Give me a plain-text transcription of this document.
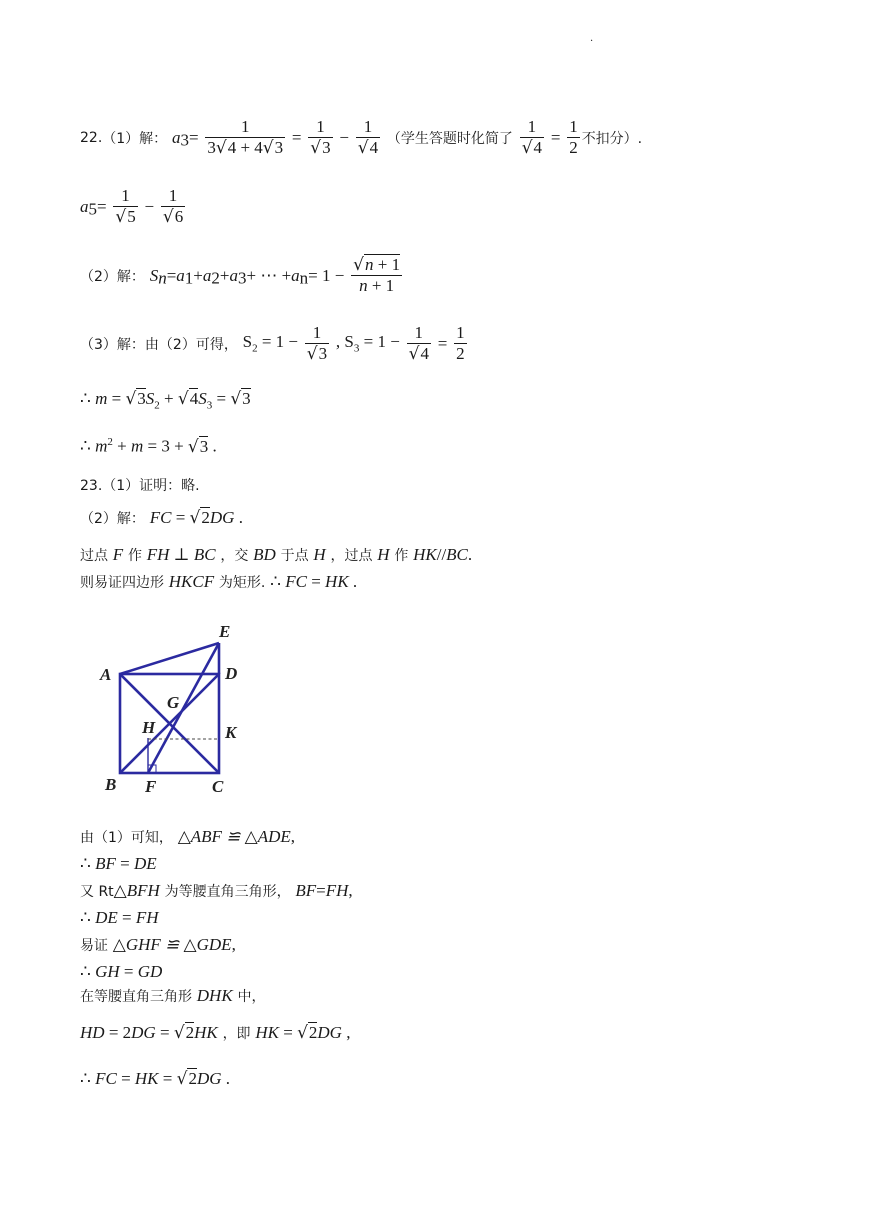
.
22.（1）解： $a_3= \frac{1}{3√4 + 4√3} = \frac{1}{√3} - \frac{1}{√4}$ （学生答题时化简了 $\frac{1}{√4} = \frac{1}{2}$ 不扣分）.
$a_5= \frac{1}{√5} - \frac{1}{√6}$
（2）解： $S_n=a_1+a_2+a_3+$ ⋯ $+a_n= 1 - \frac{√n + 1}{n + 1}$
（3）解：由（2）可得， $S_2 = 1 - \frac{1}{√3}$ , $S_3 = 1 - \frac{1}{√4} = \frac{1}{2}$
∴ $m = √3S_2 + √4S_3 = √3$
∴ $m^2 + m = 3 + √3$ .
23.（1）证明：略.
（2）解： FC = √2DG .
过点 F 作 FH ⊥ BC ，交 BD 于点 H ，过点 H 作 HK//BC.
则易证四边形 HKCF 为矩形. ∴ FC = HK .
A
B	C
D
E
F
G
H	K
由（1）可知， △ABF ≌ △ADE,
∴ BF = DE
又 Rt△BFH 为等腰直角三角形， BF=FH,
∴ DE = FH
易证 △GHF ≌ △GDE,
∴ GH = GD
在等腰直角三角形 DHK 中，
HD = 2DG = √2HK ，即 HK = √2DG ,
∴ FC = HK = √2DG .
